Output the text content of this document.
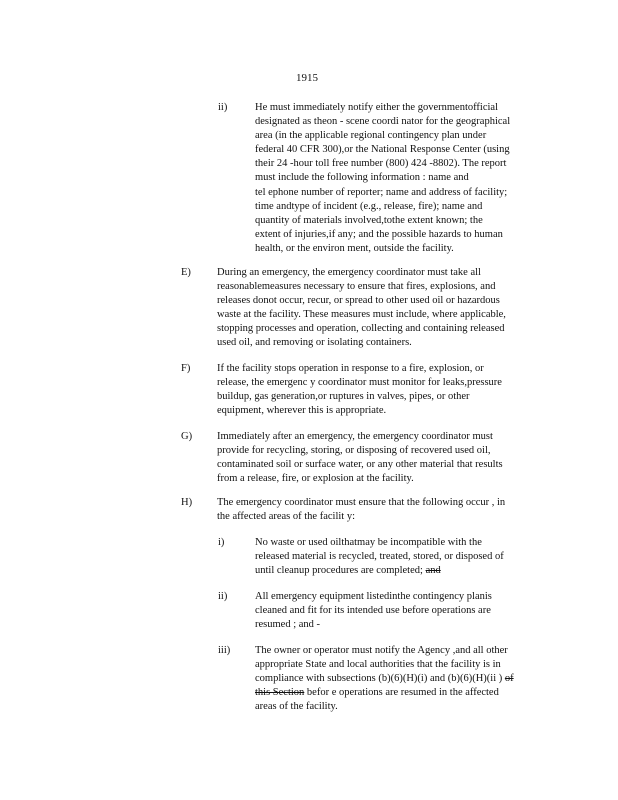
1915
ii)	He must immediately notify either the governmentofficial
designated as theon - scene coordi nator for the geographical
area (in the applicable regional contingency plan under
federal 40 CFR 300),or the National Response Center (using
their 24 -hour toll free number (800) 424 -8802). The report
must include the following information : name and
tel ephone number of reporter; name and address of facility;
time andtype of incident (e.g., release, fire); name and
quantity of materials involved,tothe extent known; the
extent of injuries,if any; and the possible hazards to human
health, or the environ ment, outside the facility.
E) During an emergency, the emergency coordinator must take all
reasonablemeasures necessary to ensure that fires, explosions, and
releases donot occur, recur, or spread to other used oil or hazardous
waste at the facility. These measures must include, where applicable,
stopping processes and operation, collecting and containing released
used oil, and removing or isolating containers.
F)	If the facility stops operation in response to a fire, explosion, or
release, the emergenc y coordinator must monitor for leaks,pressure
buildup, gas generation,or ruptures in valves, pipes, or other
equipment, wherever this is appropriate.
G) Immediately after an emergency, the emergency coordinator must
provide for recycling, storing, or disposing of recovered used oil,
contaminated soil or surface water, or any other material that results
from a release, fire, or explosion at the facility.
H) The emergency coordinator must ensure that the following occur , in
the affected areas of the facilit y:
i)	No waste or used oilthatmay be incompatible with the
released material is recycled, treated, stored, or disposed of
until cleanup procedures are completed; and
ii)	All emergency equipment listedinthe contingency planis
cleaned and fit for its intended use before operations are
resumed ; and -
iii) The owner or operator must notify the Agency ,and all other
appropriate State and local authorities that the facility is in
compliance with subsections (b)(6)(H)(i) and (b)(6)(H)(ii ) of
this Section befor e operations are resumed in the affected
areas of the facility.
